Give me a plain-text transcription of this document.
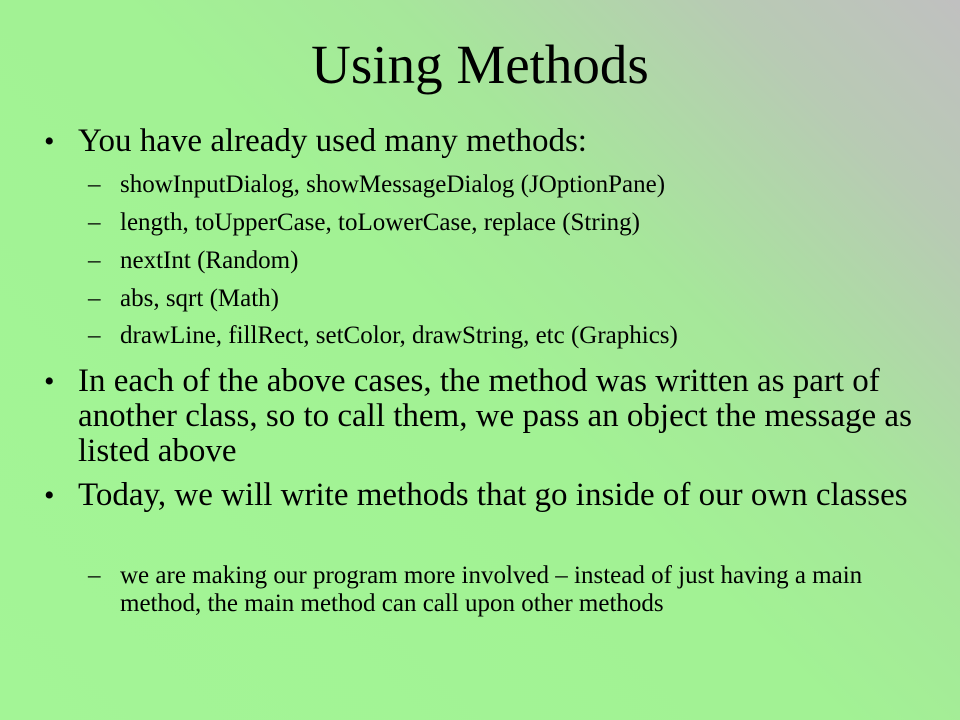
Using Methods
• You have already used many methods:
– showInputDialog, showMessageDialog (JOptionPane)
– length, toUpperCase, toLowerCase, replace (String)
– nextInt (Random)
– abs, sqrt (Math)
– drawLine, fillRect, setColor, drawString, etc (Graphics)
• In each of the above cases, the method was written as part of another class, so to call them, we pass an object the message as listed above
• Today, we will write methods that go inside of our own classes
– we are making our program more involved – instead of just having a main method, the main method can call upon other methods
